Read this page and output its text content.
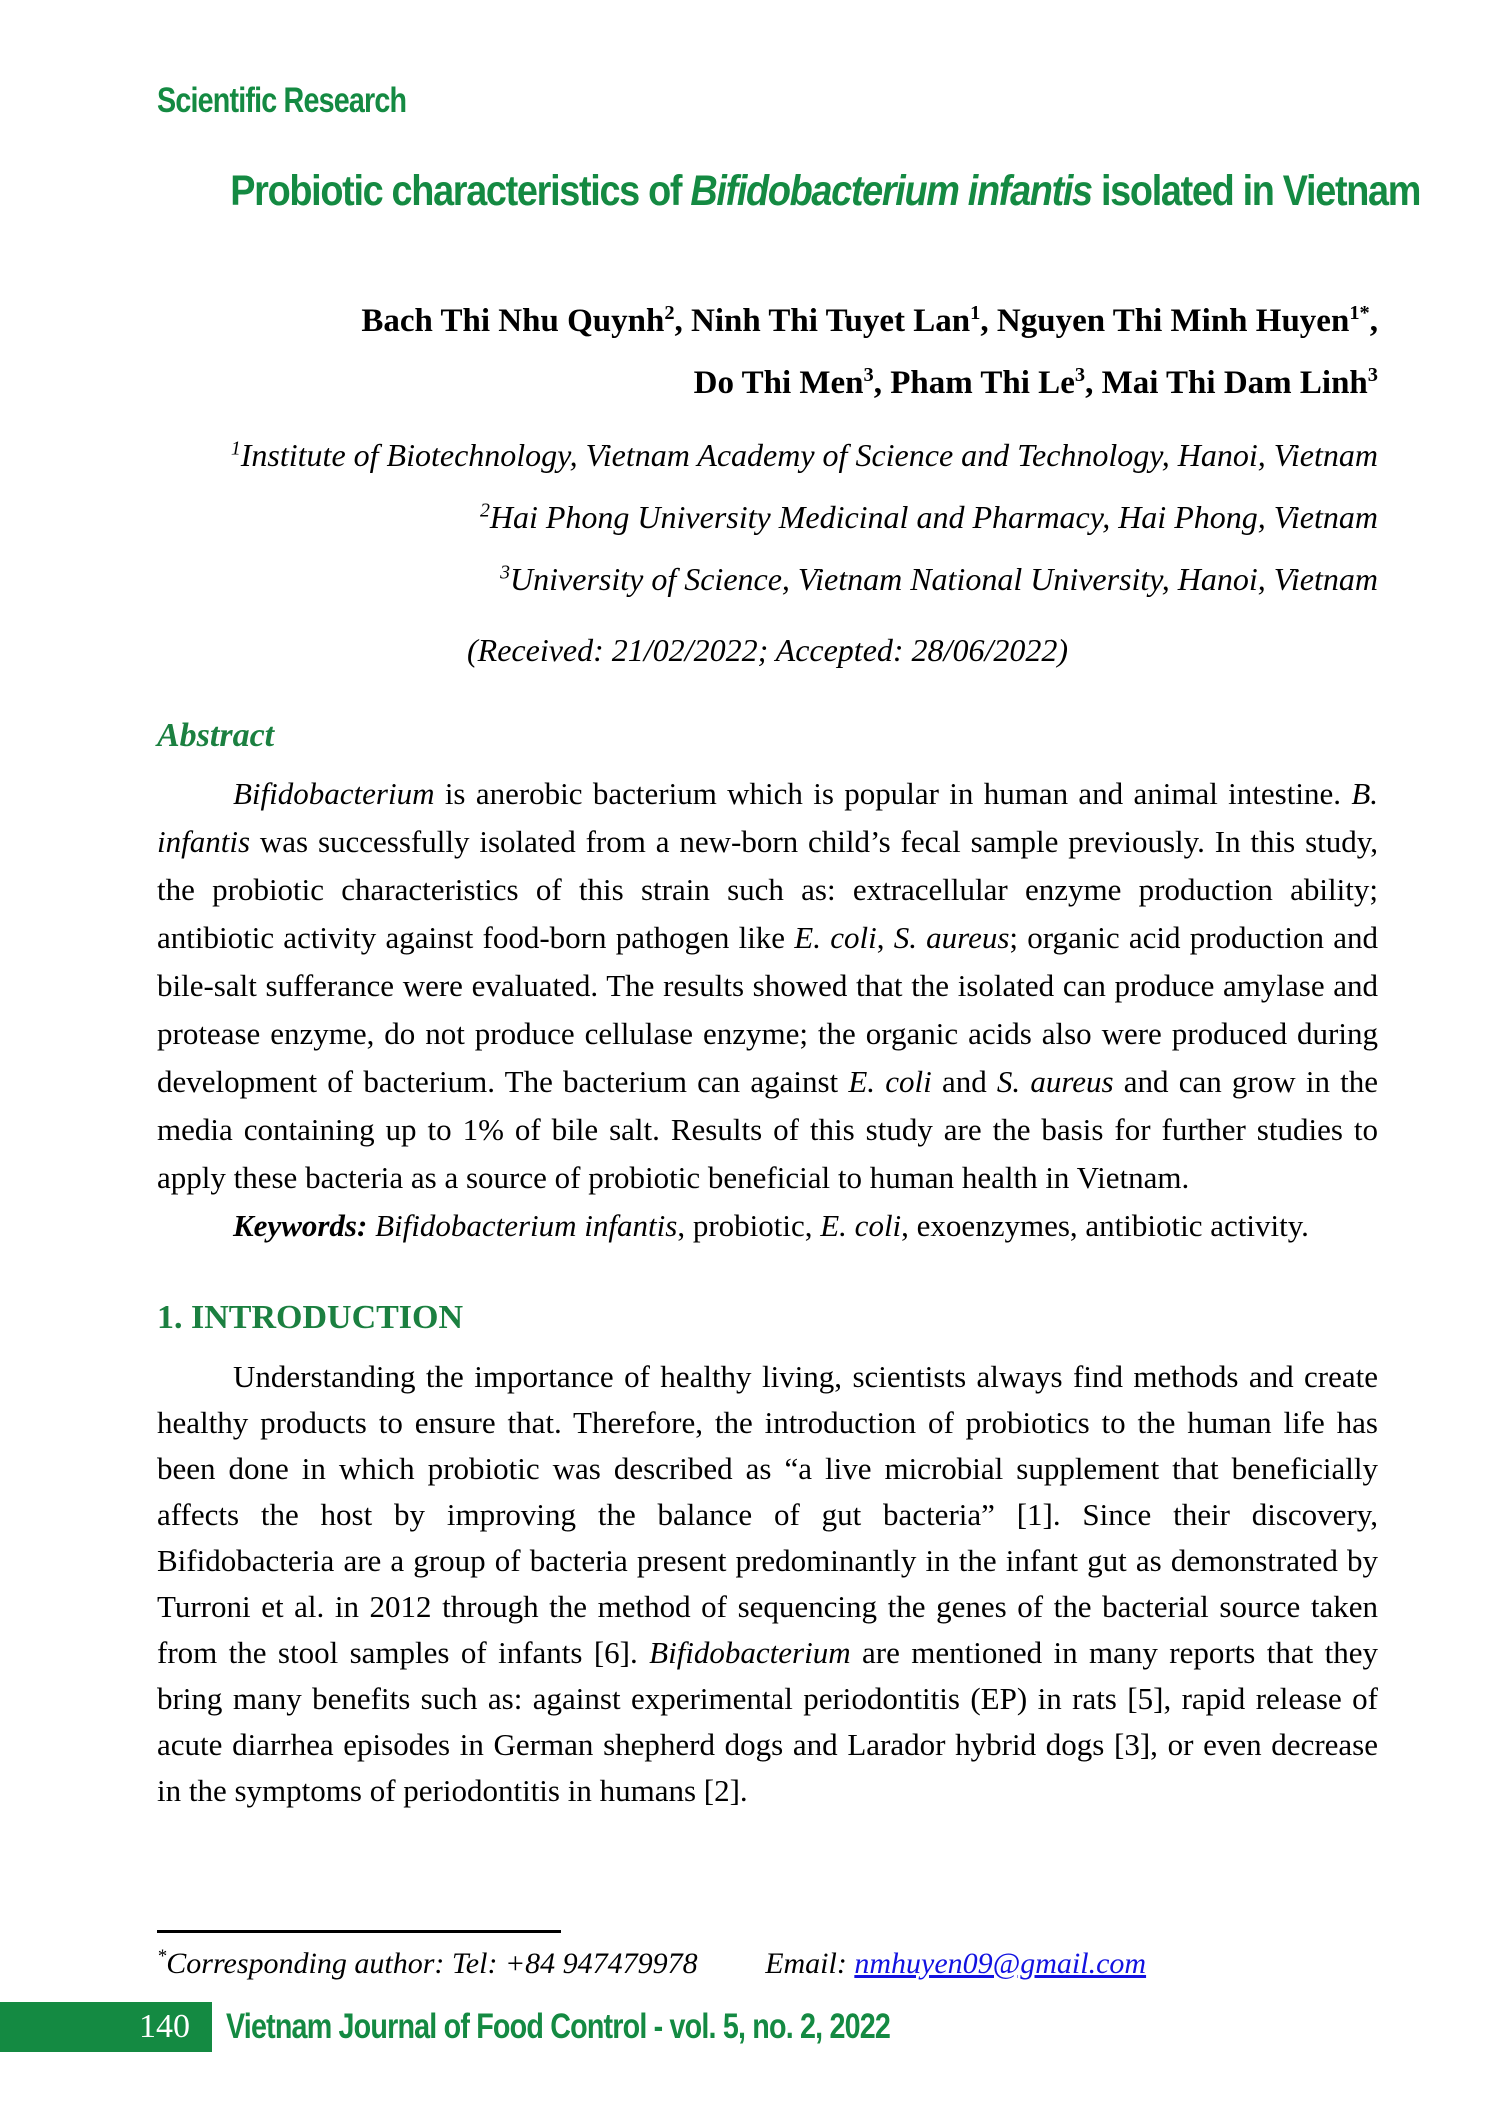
Scientific Research
Probiotic characteristics of Bifidobacterium infantis isolated in Vietnam
Bach Thi Nhu Quynh$^2$, Ninh Thi Tuyet Lan$^1$, Nguyen Thi Minh Huyen$^{1*}$,
Do Thi Men$^3$, Pham Thi Le$^3$, Mai Thi Dam Linh$^3$
$^1$Institute of Biotechnology, Vietnam Academy of Science and Technology, Hanoi, Vietnam
$^2$Hai Phong University Medicinal and Pharmacy, Hai Phong, Vietnam
$^3$University of Science, Vietnam National University, Hanoi, Vietnam
(Received: 21/02/2022; Accepted: 28/06/2022)
Abstract

Bifidobacterium is anerobic bacterium which is popular in human and animal intestine. B. infantis was successfully isolated from a new-born child’s fecal sample previously. In this study, the probiotic characteristics of this strain such as: extracellular enzyme production ability; antibiotic activity against food-born pathogen like E. coli, S. aureus; organic acid production and bile-salt sufferance were evaluated. The results showed that the isolated can produce amylase and protease enzyme, do not produce cellulase enzyme; the organic acids also were produced during development of bacterium. The bacterium can against E. coli and S. aureus and can grow in the media containing up to 1% of bile salt. Results of this study are the basis for further studies to apply these bacteria as a source of probiotic beneficial to human health in Vietnam.

Keywords: Bifidobacterium infantis, probiotic, E. coli, exoenzymes, antibiotic activity.

1. INTRODUCTION

Understanding the importance of healthy living, scientists always find methods and create healthy products to ensure that. Therefore, the introduction of probiotics to the human life has been done in which probiotic was described as “a live microbial supplement that beneficially affects the host by improving the balance of gut bacteria” [1]. Since their discovery, Bifidobacteria are a group of bacteria present predominantly in the infant gut as demonstrated by Turroni et al. in 2012 through the method of sequencing the genes of the bacterial source taken from the stool samples of infants [6]. Bifidobacterium are mentioned in many reports that they bring many benefits such as: against experimental periodontitis (EP) in rats [5], rapid release of acute diarrhea episodes in German shepherd dogs and Larador hybrid dogs [3], or even decrease in the symptoms of periodontitis in humans [2].

*Corresponding author: Tel: +84 947479978 Email: nmhuyen09@gmail.com
140	Vietnam Journal of Food Control - vol. 5, no. 2, 2022
